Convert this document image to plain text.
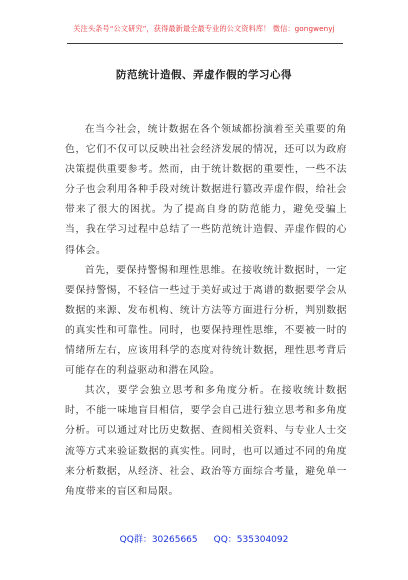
关注头条号“公文研究”，获得最新最全最专业的公文资料库！ 微信：gongwenyj
防范统计造假、弄虚作假的学习心得

在当今社会，统计数据在各个领域都扮演着至关重要的角色，它们不仅可以反映出社会经济发展的情况，还可以为政府决策提供重要参考。然而，由于统计数据的重要性，一些不法分子也会利用各种手段对统计数据进行篡改弄虚作假，给社会带来了很大的困扰。为了提高自身的防范能力，避免受骗上当，我在学习过程中总结了一些防范统计造假、弄虚作假的心得体会。

首先，要保持警惕和理性思维。在接收统计数据时，一定要保持警惕，不轻信一些过于美好或过于离谱的数据要学会从数据的来源、发布机构、统计方法等方面进行分析，判别数据的真实性和可靠性。同时，也要保持理性思维，不要被一时的情绪所左右，应该用科学的态度对待统计数据，理性思考背后可能存在的利益驱动和潜在风险。

其次，要学会独立思考和多角度分析。在接收统计数据时，不能一味地盲目相信，要学会自己进行独立思考和多角度分析。可以通过对比历史数据、查阅相关资料、与专业人士交流等方式来验证数据的真实性。同时，也可以通过不同的角度来分析数据，从经济、社会、政治等方面综合考量，避免单一角度带来的盲区和局限。

QQ群：30265665 QQ：535304092
